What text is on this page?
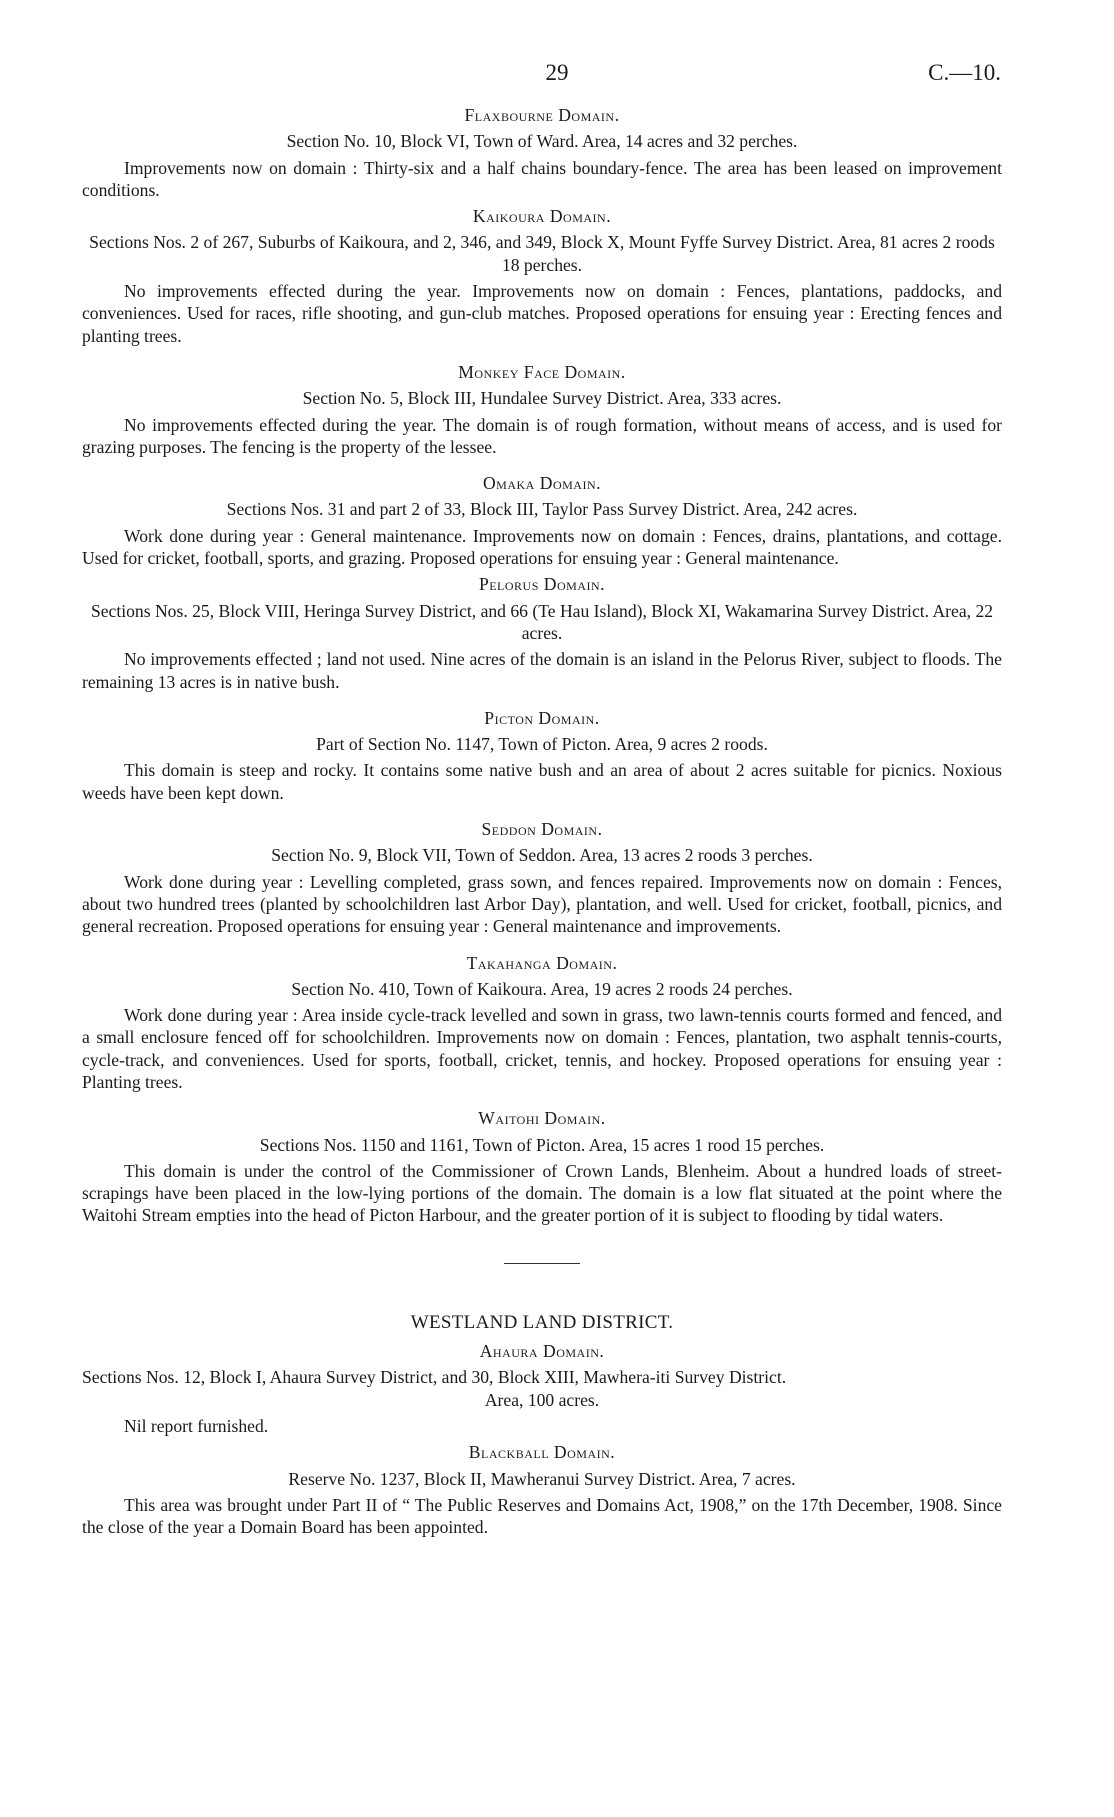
29	C.—10.
Flaxbourne Domain.
Section No. 10, Block VI, Town of Ward. Area, 14 acres and 32 perches.
Improvements now on domain : Thirty-six and a half chains boundary-fence. The area has been leased on improvement conditions.
Kaikoura Domain.
Sections Nos. 2 of 267, Suburbs of Kaikoura, and 2, 346, and 349, Block X, Mount Fyffe Survey District. Area, 81 acres 2 roods 18 perches.
No improvements effected during the year. Improvements now on domain : Fences, plantations, paddocks, and conveniences. Used for races, rifle shooting, and gun-club matches. Proposed operations for ensuing year : Erecting fences and planting trees.
Monkey Face Domain.
Section No. 5, Block III, Hundalee Survey District. Area, 333 acres.
No improvements effected during the year. The domain is of rough formation, without means of access, and is used for grazing purposes. The fencing is the property of the lessee.
Omaka Domain.
Sections Nos. 31 and part 2 of 33, Block III, Taylor Pass Survey District. Area, 242 acres.
Work done during year : General maintenance. Improvements now on domain : Fences, drains, plantations, and cottage. Used for cricket, football, sports, and grazing. Proposed operations for ensuing year : General maintenance.
Pelorus Domain.
Sections Nos. 25, Block VIII, Heringa Survey District, and 66 (Te Hau Island), Block XI, Wakamarina Survey District. Area, 22 acres.
No improvements effected ; land not used. Nine acres of the domain is an island in the Pelorus River, subject to floods. The remaining 13 acres is in native bush.
Picton Domain.
Part of Section No. 1147, Town of Picton. Area, 9 acres 2 roods.
This domain is steep and rocky. It contains some native bush and an area of about 2 acres suitable for picnics. Noxious weeds have been kept down.
Seddon Domain.
Section No. 9, Block VII, Town of Seddon. Area, 13 acres 2 roods 3 perches.
Work done during year : Levelling completed, grass sown, and fences repaired. Improvements now on domain : Fences, about two hundred trees (planted by schoolchildren last Arbor Day), plantation, and well. Used for cricket, football, picnics, and general recreation. Proposed operations for ensuing year : General maintenance and improvements.
Takahanga Domain.
Section No. 410, Town of Kaikoura. Area, 19 acres 2 roods 24 perches.
Work done during year : Area inside cycle-track levelled and sown in grass, two lawn-tennis courts formed and fenced, and a small enclosure fenced off for schoolchildren. Improvements now on domain : Fences, plantation, two asphalt tennis-courts, cycle-track, and conveniences. Used for sports, football, cricket, tennis, and hockey. Proposed operations for ensuing year : Planting trees.
Waitohi Domain.
Sections Nos. 1150 and 1161, Town of Picton. Area, 15 acres 1 rood 15 perches.
This domain is under the control of the Commissioner of Crown Lands, Blenheim. About a hundred loads of street-scrapings have been placed in the low-lying portions of the domain. The domain is a low flat situated at the point where the Waitohi Stream empties into the head of Picton Harbour, and the greater portion of it is subject to flooding by tidal waters.
WESTLAND LAND DISTRICT.
Ahaura Domain.
Sections Nos. 12, Block I, Ahaura Survey District, and 30, Block XIII, Mawhera-iti Survey District.
Area, 100 acres.
Nil report furnished.
Blackball Domain.
Reserve No. 1237, Block II, Mawheranui Survey District. Area, 7 acres.
This area was brought under Part II of “ The Public Reserves and Domains Act, 1908,” on the 17th December, 1908. Since the close of the year a Domain Board has been appointed.
